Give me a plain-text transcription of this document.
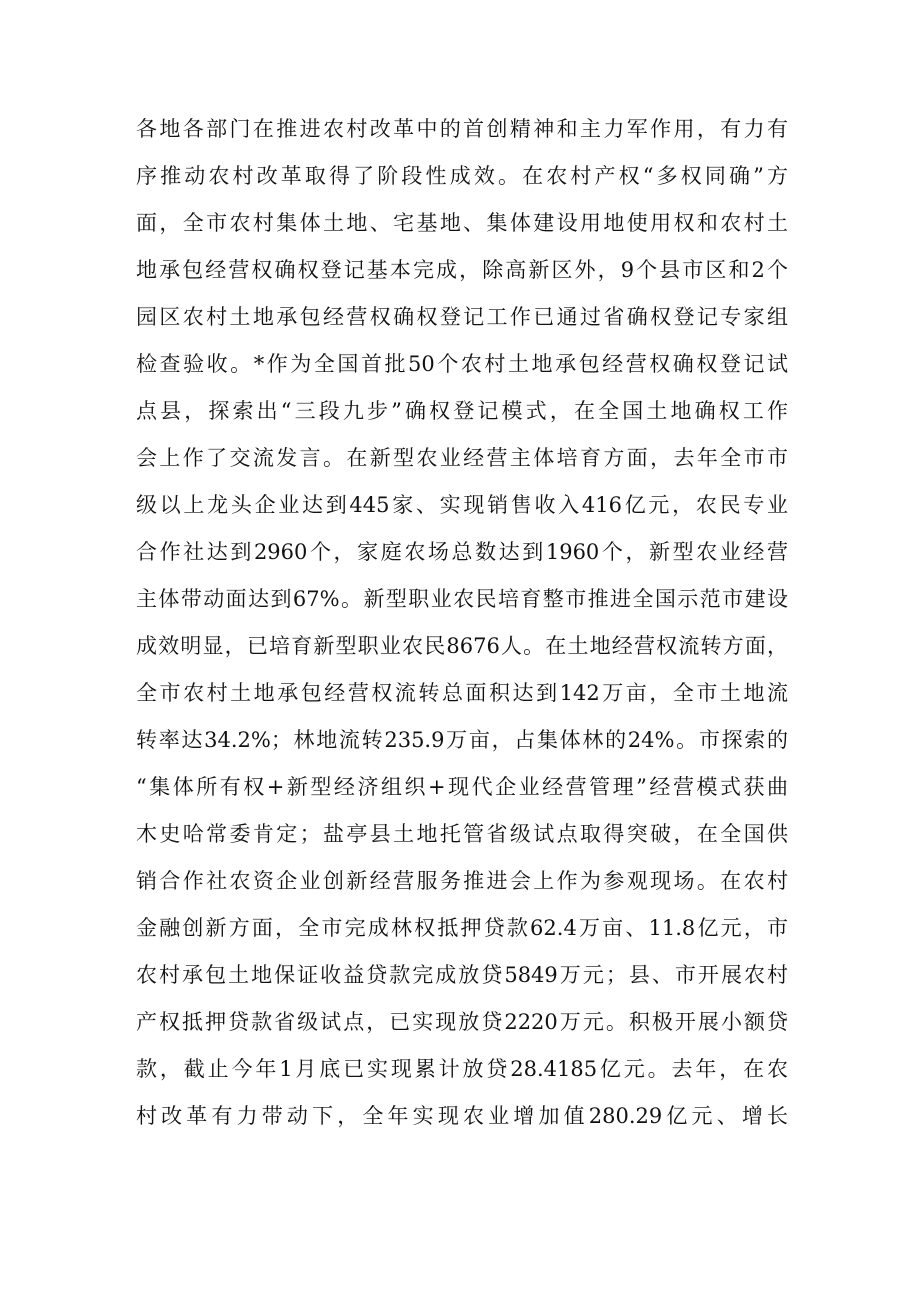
各地各部门在推进农村改革中的首创精神和主力军作用，有力有
序推动农村改革取得了阶段性成效。在农村产权“多权同确”方
面，全市农村集体土地、宅基地、集体建设用地使用权和农村土
地承包经营权确权登记基本完成，除高新区外，9个县市区和2个
园区农村土地承包经营权确权登记工作已通过省确权登记专家组
检查验收。*作为全国首批50个农村土地承包经营权确权登记试
点县，探索出“三段九步”确权登记模式，在全国土地确权工作
会上作了交流发言。在新型农业经营主体培育方面，去年全市市
级以上龙头企业达到445家、实现销售收入416亿元，农民专业
合作社达到2960个，家庭农场总数达到1960个，新型农业经营
主体带动面达到67%。新型职业农民培育整市推进全国示范市建设
成效明显，已培育新型职业农民8676人。在土地经营权流转方面，
全市农村土地承包经营权流转总面积达到142万亩，全市土地流
转率达34.2%；林地流转235.9万亩，占集体林的24%。市探索的
“集体所有权+新型经济组织+现代企业经营管理”经营模式获曲
木史哈常委肯定；盐亭县土地托管省级试点取得突破，在全国供
销合作社农资企业创新经营服务推进会上作为参观现场。在农村
金融创新方面，全市完成林权抵押贷款62.4万亩、11.8亿元，市
农村承包土地保证收益贷款完成放贷5849万元；县、市开展农村
产权抵押贷款省级试点，已实现放贷2220万元。积极开展小额贷
款，截止今年1月底已实现累计放贷28.4185亿元。去年，在农
村改革有力带动下，全年实现农业增加值280.29亿元、增长
